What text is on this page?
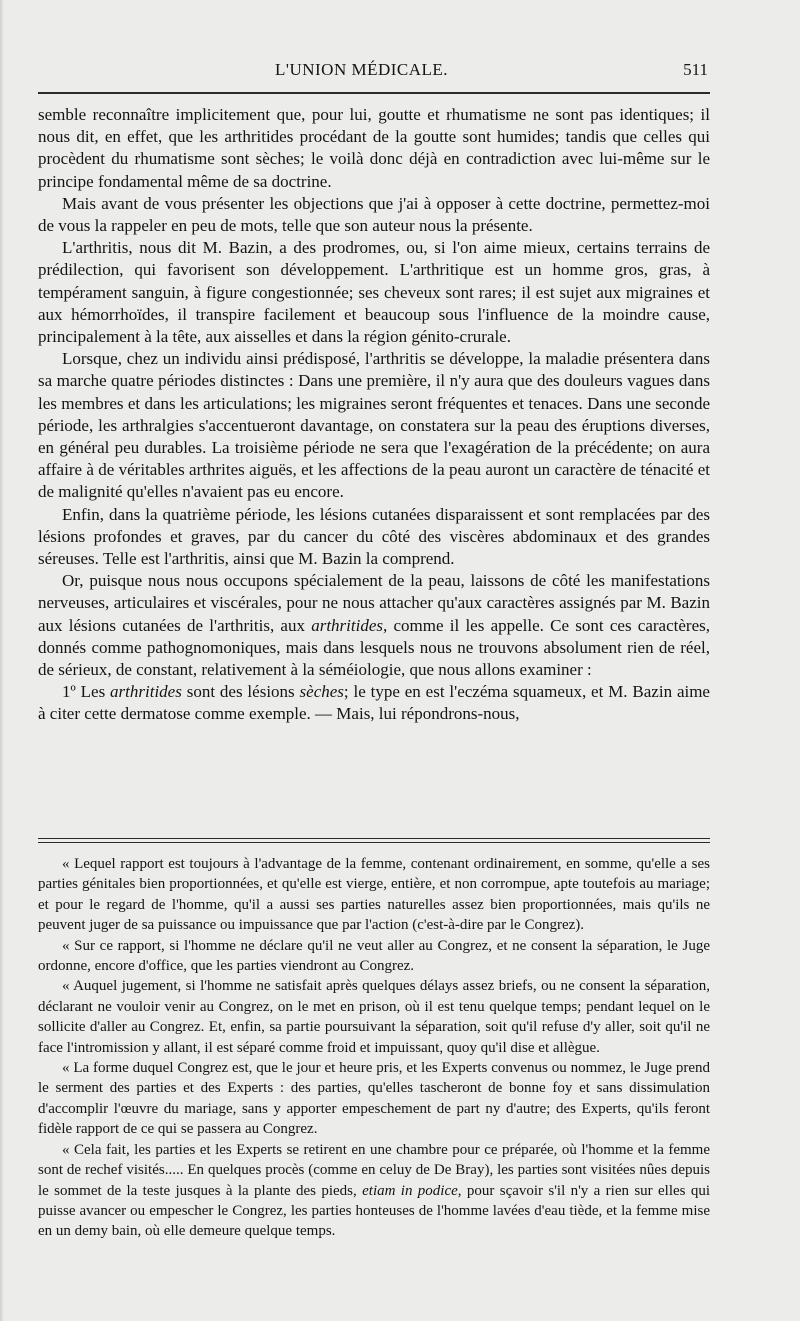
L'UNION MÉDICALE.	511

semble reconnaître implicitement que, pour lui, goutte et rhumatisme ne sont pas identiques; il nous dit, en effet, que les arthritides procédant de la goutte sont humides; tandis que celles qui procèdent du rhumatisme sont sèches; le voilà donc déjà en contradiction avec lui-même sur le principe fondamental même de sa doctrine.

Mais avant de vous présenter les objections que j'ai à opposer à cette doctrine, permettez-moi de vous la rappeler en peu de mots, telle que son auteur nous la présente.

L'arthritis, nous dit M. Bazin, a des prodromes, ou, si l'on aime mieux, certains terrains de prédilection, qui favorisent son développement. L'arthritique est un homme gros, gras, à tempérament sanguin, à figure congestionnée; ses cheveux sont rares; il est sujet aux migraines et aux hémorrhoïdes, il transpire facilement et beaucoup sous l'influence de la moindre cause, principalement à la tête, aux aisselles et dans la région génito-crurale.

Lorsque, chez un individu ainsi prédisposé, l'arthritis se développe, la maladie présentera dans sa marche quatre périodes distinctes : Dans une première, il n'y aura que des douleurs vagues dans les membres et dans les articulations; les migraines seront fréquentes et tenaces. Dans une seconde période, les arthralgies s'accentueront davantage, on constatera sur la peau des éruptions diverses, en général peu durables. La troisième période ne sera que l'exagération de la précédente; on aura affaire à de véritables arthrites aiguës, et les affections de la peau auront un caractère de ténacité et de malignité qu'elles n'avaient pas eu encore.

Enfin, dans la quatrième période, les lésions cutanées disparaissent et sont remplacées par des lésions profondes et graves, par du cancer du côté des viscères abdominaux et des grandes séreuses. Telle est l'arthritis, ainsi que M. Bazin la comprend.

Or, puisque nous nous occupons spécialement de la peau, laissons de côté les manifestations nerveuses, articulaires et viscérales, pour ne nous attacher qu'aux caractères assignés par M. Bazin aux lésions cutanées de l'arthritis, aux arthritides, comme il les appelle. Ce sont ces caractères, donnés comme pathognomoniques, mais dans lesquels nous ne trouvons absolument rien de réel, de sérieux, de constant, relativement à la séméiologie, que nous allons examiner :

1º Les arthritides sont des lésions sèches; le type en est l'eczéma squameux, et M. Bazin aime à citer cette dermatose comme exemple. — Mais, lui répondrons-nous,

« Lequel rapport est toujours à l'advantage de la femme, contenant ordinairement, en somme, qu'elle a ses parties génitales bien proportionnées, et qu'elle est vierge, entière, et non corrompue, apte toutefois au mariage; et pour le regard de l'homme, qu'il a aussi ses parties naturelles assez bien proportionnées, mais qu'ils ne peuvent juger de sa puissance ou impuissance que par l'action (c'est-à-dire par le Congrez).

« Sur ce rapport, si l'homme ne déclare qu'il ne veut aller au Congrez, et ne consent la séparation, le Juge ordonne, encore d'office, que les parties viendront au Congrez.

« Auquel jugement, si l'homme ne satisfait après quelques délays assez briefs, ou ne consent la séparation, déclarant ne vouloir venir au Congrez, on le met en prison, où il est tenu quelque temps; pendant lequel on le sollicite d'aller au Congrez. Et, enfin, sa partie poursuivant la séparation, soit qu'il refuse d'y aller, soit qu'il ne face l'intromission y allant, il est séparé comme froid et impuissant, quoy qu'il dise et allègue.

« La forme duquel Congrez est, que le jour et heure pris, et les Experts convenus ou nommez, le Juge prend le serment des parties et des Experts : des parties, qu'elles tascheront de bonne foy et sans dissimulation d'accomplir l'œuvre du mariage, sans y apporter empeschement de part ny d'autre; des Experts, qu'ils feront fidèle rapport de ce qui se passera au Congrez.

« Cela fait, les parties et les Experts se retirent en une chambre pour ce préparée, où l'homme et la femme sont de rechef visités..... En quelques procès (comme en celuy de De Bray), les parties sont visitées nûes depuis le sommet de la teste jusques à la plante des pieds, etiam in podice, pour sçavoir s'il n'y a rien sur elles qui puisse avancer ou empescher le Congrez, les parties honteuses de l'homme lavées d'eau tiède, et la femme mise en un demy bain, où elle demeure quelque temps.
